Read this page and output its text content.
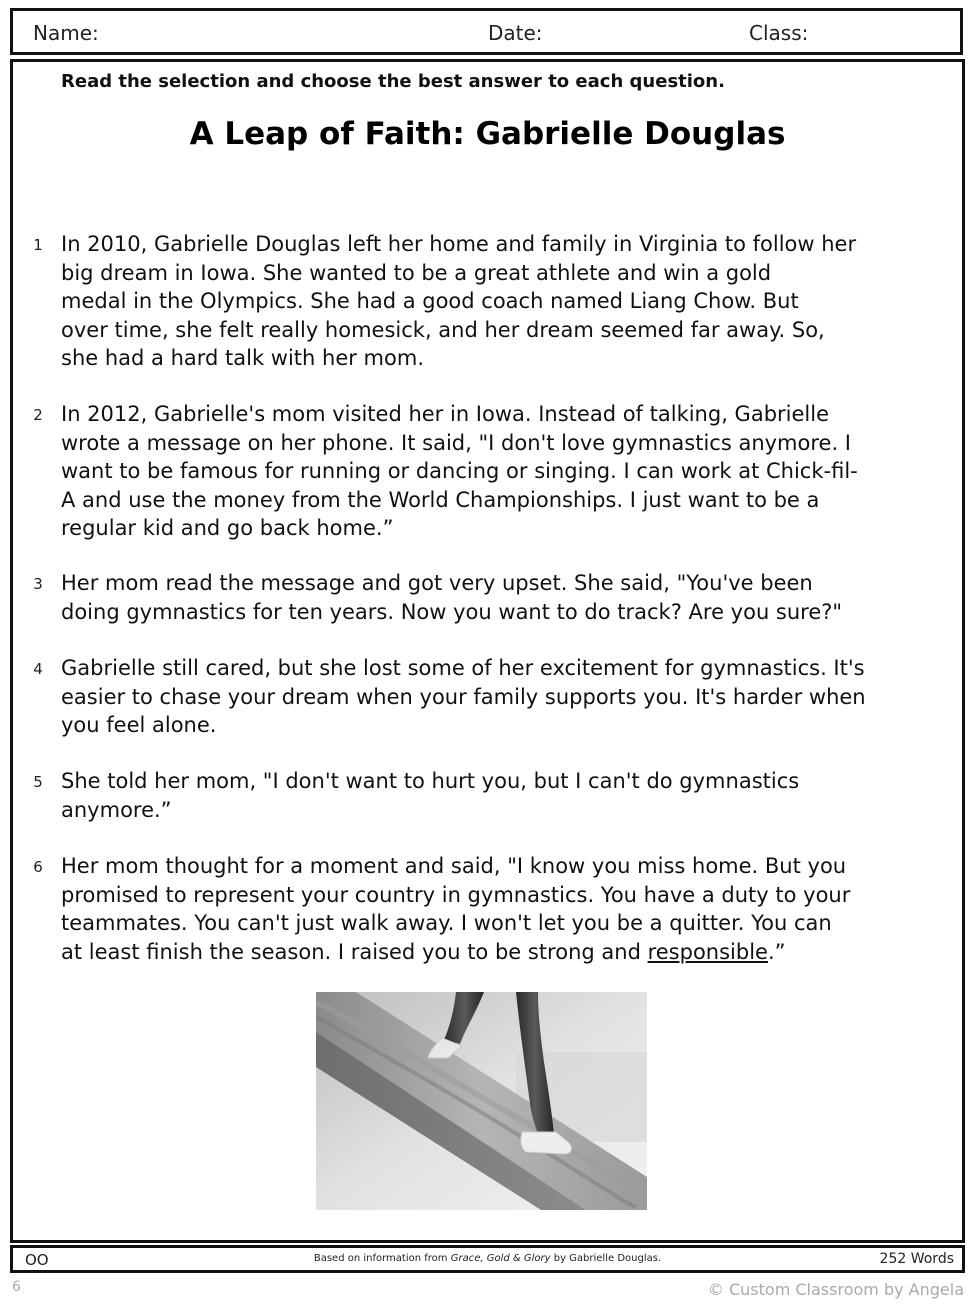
Name:	Date:	Class:
Read the selection and choose the best answer to each question.
A Leap of Faith: Gabrielle Douglas
1 In 2010, Gabrielle Douglas left her home and family in Virginia to follow her
big dream in Iowa. She wanted to be a great athlete and win a gold
medal in the Olympics. She had a good coach named Liang Chow. But
over time, she felt really homesick, and her dream seemed far away. So,
she had a hard talk with her mom.
2 In 2012, Gabrielle's mom visited her in Iowa. Instead of talking, Gabrielle
wrote a message on her phone. It said, "I don't love gymnastics anymore. I
want to be famous for running or dancing or singing. I can work at Chick-fil-
A and use the money from the World Championships. I just want to be a
regular kid and go back home.”
3 Her mom read the message and got very upset. She said, "You've been
doing gymnastics for ten years. Now you want to do track? Are you sure?"
4 Gabrielle still cared, but she lost some of her excitement for gymnastics. It's
easier to chase your dream when your family supports you. It's harder when
you feel alone.
5 She told her mom, "I don't want to hurt you, but I can't do gymnastics
anymore.”
6 Her mom thought for a moment and said, "I know you miss home. But you
promised to represent your country in gymnastics. You have a duty to your
teammates. You can't just walk away. I won't let you be a quitter. You can
at least finish the season. I raised you to be strong and responsible.”
OO	Based on information from Grace, Gold & Glory by Gabrielle Douglas.	252 Words
6	© Custom Classroom by Angela
